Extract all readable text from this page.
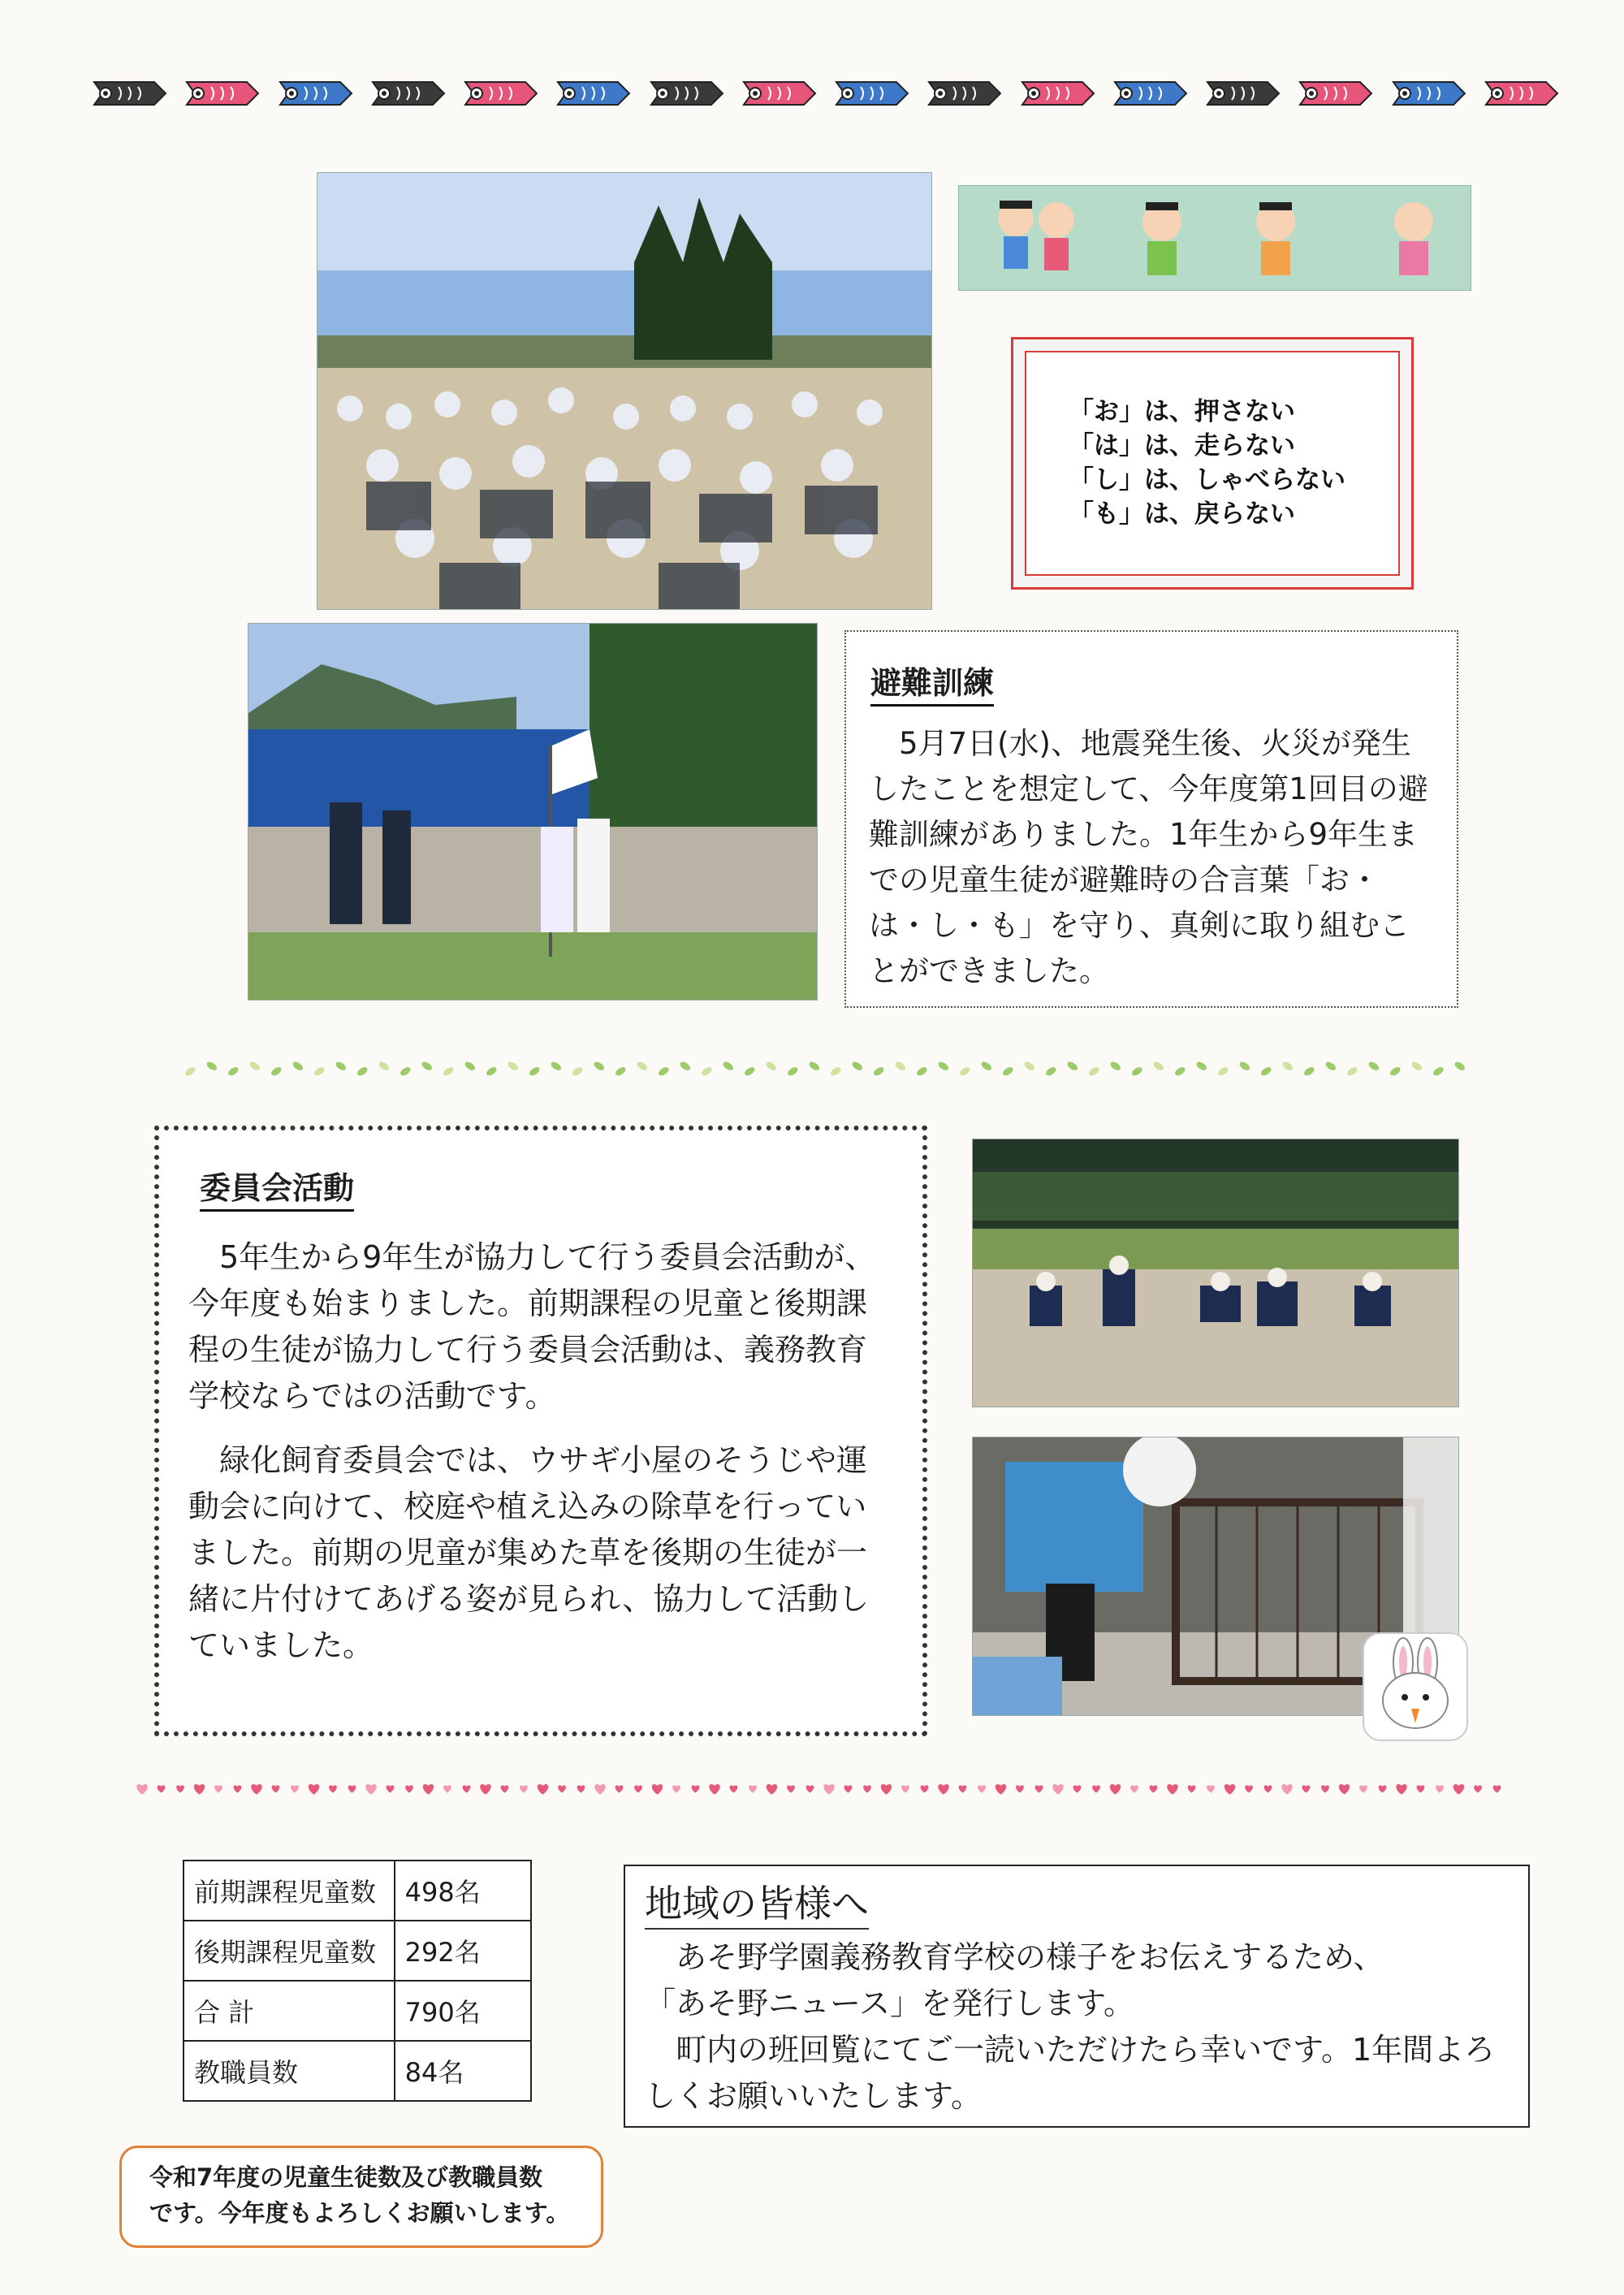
「お」は、押さない
「は」は、走らない
「し」は、しゃべらない
「も」は、戻らない
避難訓練
5月7日(水)、地震発生後、火災が発生したことを想定して、今年度第1回目の避難訓練がありました。1年生から9年生までの児童生徒が避難時の合言葉「お・は・し・も」を守り、真剣に取り組むことができました。
委員会活動

5年生から9年生が協力して行う委員会活動が、今年度も始まりました。前期課程の児童と後期課程の生徒が協力して行う委員会活動は、義務教育学校ならではの活動です。

緑化飼育委員会では、ウサギ小屋のそうじや運動会に向けて、校庭や植え込みの除草を行っていました。前期の児童が集めた草を後期の生徒が一緒に片付けてあげる姿が見られ、協力して活動していました。

前期課程児童数	498名
後期課程児童数	292名
合 計	790名
教職員数	84名
令和7年度の児童生徒数及び教職員数
です。今年度もよろしくお願いします。
地域の皆様へ

あそ野学園義務教育学校の様子をお伝えするため、

「あそ野ニュース」を発行します。

町内の班回覧にてご一読いただけたら幸いです。1年間よろしくお願いいたします。
